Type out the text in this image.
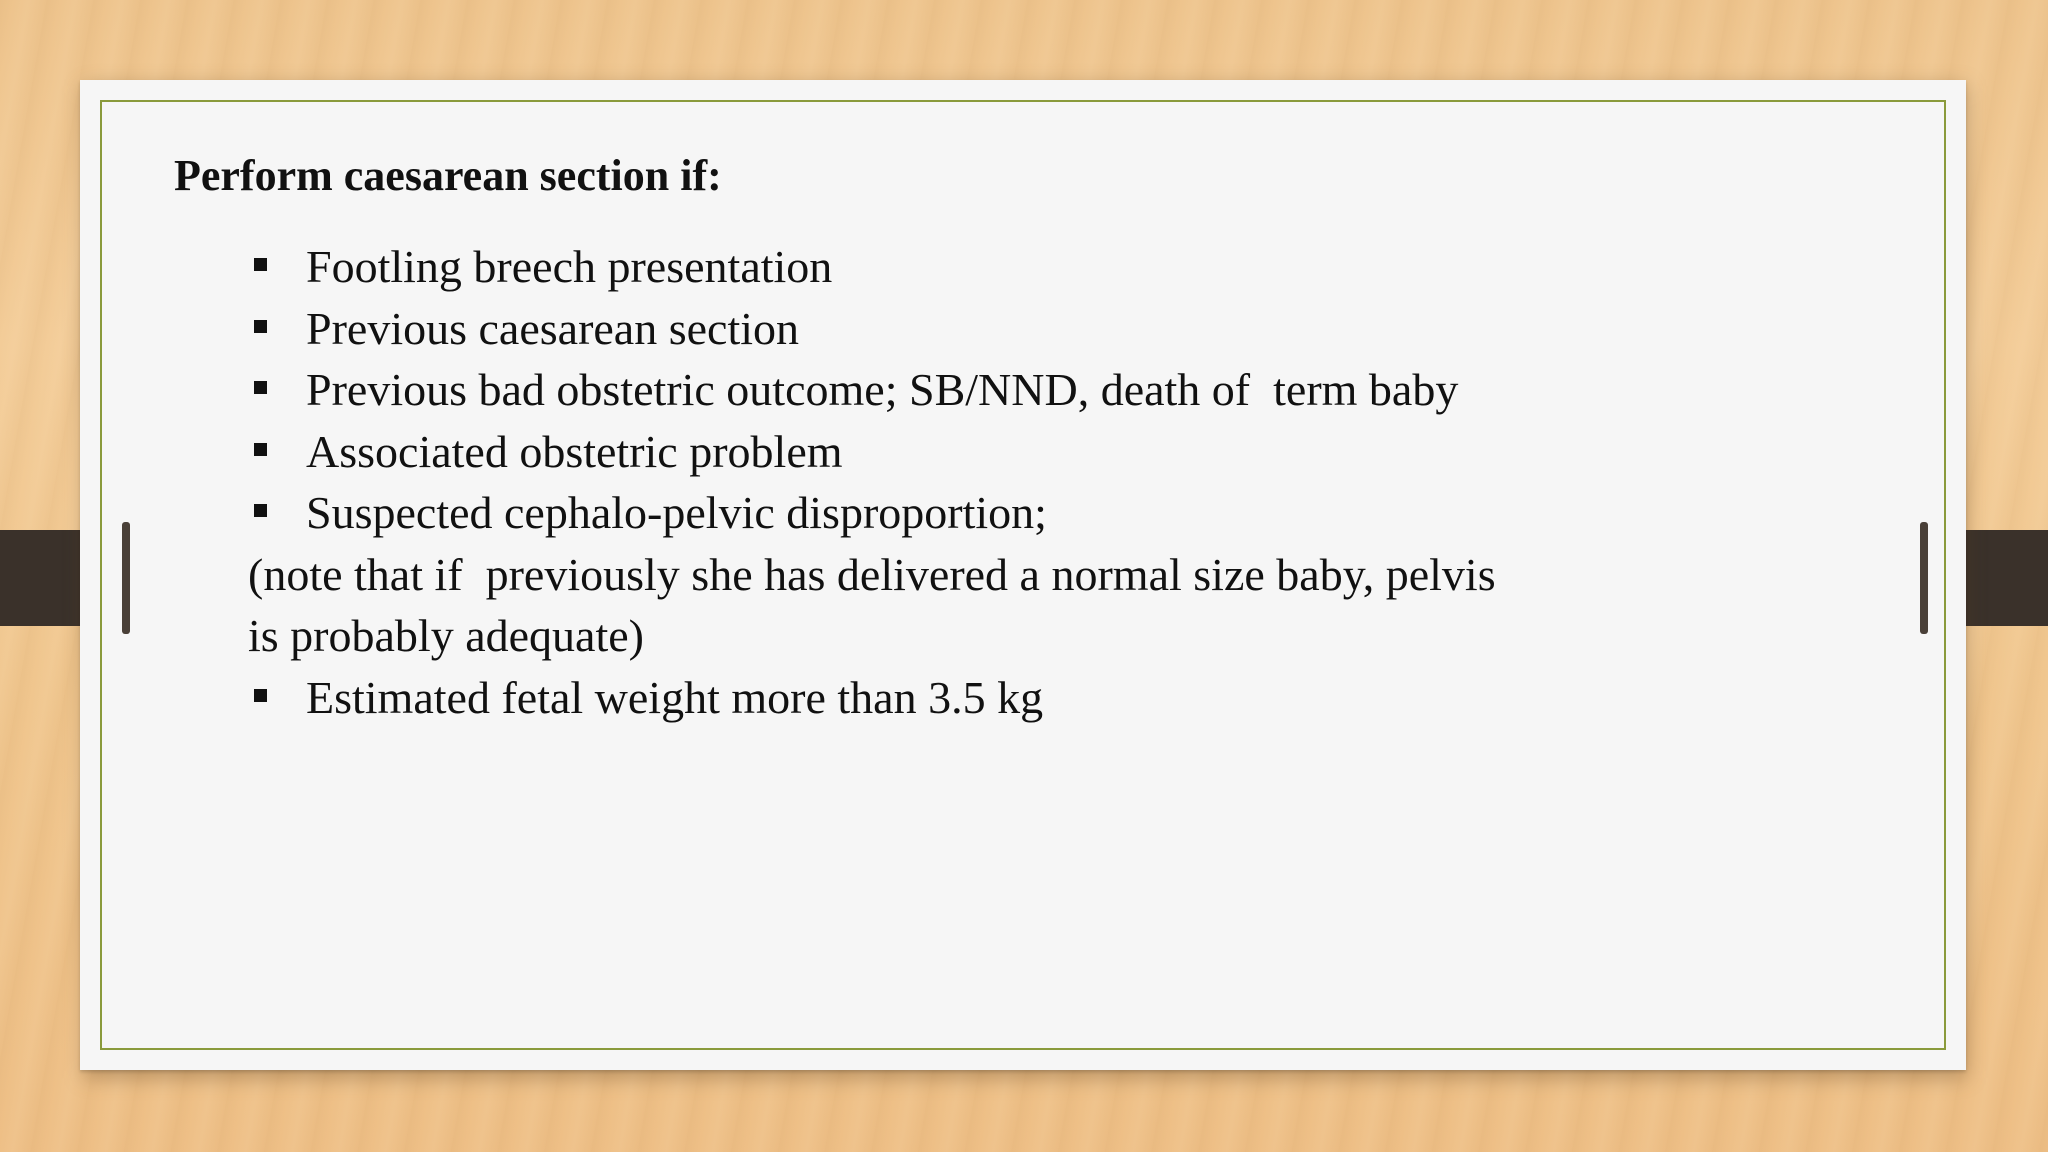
Perform caesarean section if:
Footling breech presentation
Previous caesarean section
Previous bad obstetric outcome; SB/NND, death of  term baby
Associated obstetric problem
Suspected cephalo-pelvic disproportion;

(note that if  previously she has delivered a normal size baby, pelvis
is probably adequate)

Estimated fetal weight more than 3.5 kg
